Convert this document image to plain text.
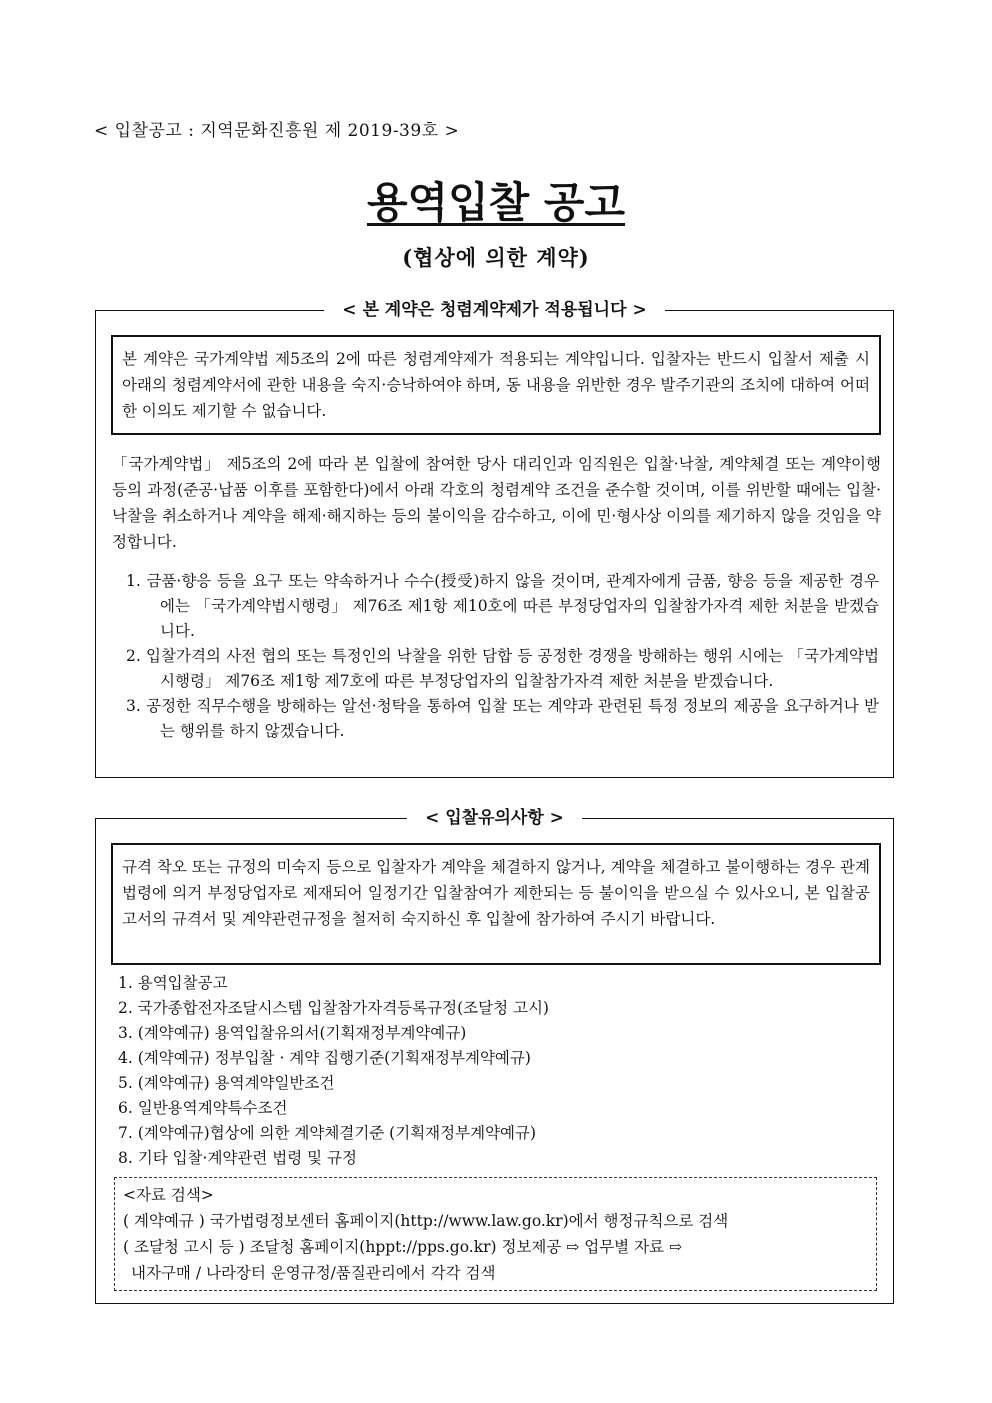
< 입찰공고 : 지역문화진흥원 제 2019-39호 >
용역입찰 공고
(협상에 의한 계약)
< 본 계약은 청렴계약제가 적용됩니다 >
본 계약은 국가계약법 제5조의 2에 따른 청렴계약제가 적용되는 계약입니다. 입찰자는 반드시 입찰서 제출 시 아래의 청렴계약서에 관한 내용을 숙지·승낙하여야 하며, 동 내용을 위반한 경우 발주기관의 조치에 대하여 어떠한 이의도 제기할 수 없습니다.
「국가계약법」 제5조의 2에 따라 본 입찰에 참여한 당사 대리인과 임직원은 입찰·낙찰, 계약체결 또는 계약이행 등의 과정(준공·납품 이후를 포함한다)에서 아래 각호의 청렴계약 조건을 준수할 것이며, 이를 위반할 때에는 입찰·낙찰을 취소하거나 계약을 해제·해지하는 등의 불이익을 감수하고, 이에 민·형사상 이의를 제기하지 않을 것임을 약정합니다.
1. 금품·향응 등을 요구 또는 약속하거나 수수(授受)하지 않을 것이며, 관계자에게 금품, 향응 등을 제공한 경우에는 「국가계약법시행령」 제76조 제1항 제10호에 따른 부정당업자의 입찰참가자격 제한 처분을 받겠습니다.
2. 입찰가격의 사전 협의 또는 특정인의 낙찰을 위한 담합 등 공정한 경쟁을 방해하는 행위 시에는 「국가계약법시행령」 제76조 제1항 제7호에 따른 부정당업자의 입찰참가자격 제한 처분을 받겠습니다.
3. 공정한 직무수행을 방해하는 알선·청탁을 통하여 입찰 또는 계약과 관련된 특정 정보의 제공을 요구하거나 받는 행위를 하지 않겠습니다.
< 입찰유의사항 >
규격 착오 또는 규정의 미숙지 등으로 입찰자가 계약을 체결하지 않거나, 계약을 체결하고 불이행하는 경우 관계법령에 의거 부정당업자로 제재되어 일정기간 입찰참여가 제한되는 등 불이익을 받으실 수 있사오니, 본 입찰공고서의 규격서 및 계약관련규정을 철저히 숙지하신 후 입찰에 참가하여 주시기 바랍니다.
1. 용역입찰공고
2. 국가종합전자조달시스템 입찰참가자격등록규정(조달청 고시)
3. (계약예규) 용역입찰유의서(기획재정부계약예규)
4. (계약예규) 정부입찰 · 계약 집행기준(기획재정부계약예규)
5. (계약예규) 용역계약일반조건
6. 일반용역계약특수조건
7. (계약예규)협상에 의한 계약체결기준 (기획재정부계약예규)
8. 기타 입찰·계약관련 법령 및 규정
<자료 검색>
( 계약예규 ) 국가법령정보센터 홈페이지(http://www.law.go.kr)에서 행정규칙으로 검색
( 조달청 고시 등 ) 조달청 홈페이지(hppt://pps.go.kr) 정보제공 ⇨ 업무별 자료 ⇨
내자구매 / 나라장터 운영규정/품질관리에서 각각 검색
